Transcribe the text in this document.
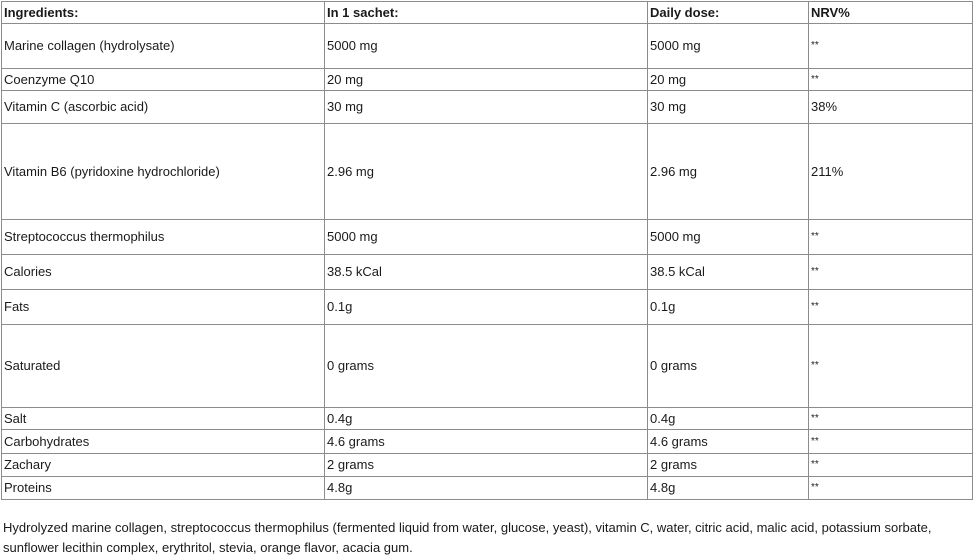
Ingredients:	In 1 sachet:	Daily dose:	NRV%
Marine collagen (hydrolysate)	5000 mg	5000 mg	**
Coenzyme Q10	20 mg	20 mg	**
Vitamin C (ascorbic acid)	30 mg	30 mg	38%
Vitamin B6 (pyridoxine hydrochloride)	2.96 mg	2.96 mg	211%
Streptococcus thermophilus	5000 mg	5000 mg	**
Calories	38.5 kCal	38.5 kCal	**
Fats	0.1g	0.1g	**
Saturated	0 grams	0 grams	**
Salt	0.4g	0.4g	**
Carbohydrates	4.6 grams	4.6 grams	**
Zachary	2 grams	2 grams	**
Proteins	4.8g	4.8g	**

Hydrolyzed marine collagen, streptococcus thermophilus (fermented liquid from water, glucose, yeast), vitamin C, water, citric acid, malic acid, potassium sorbate, sunflower lecithin complex, erythritol, stevia, orange flavor, acacia gum.
